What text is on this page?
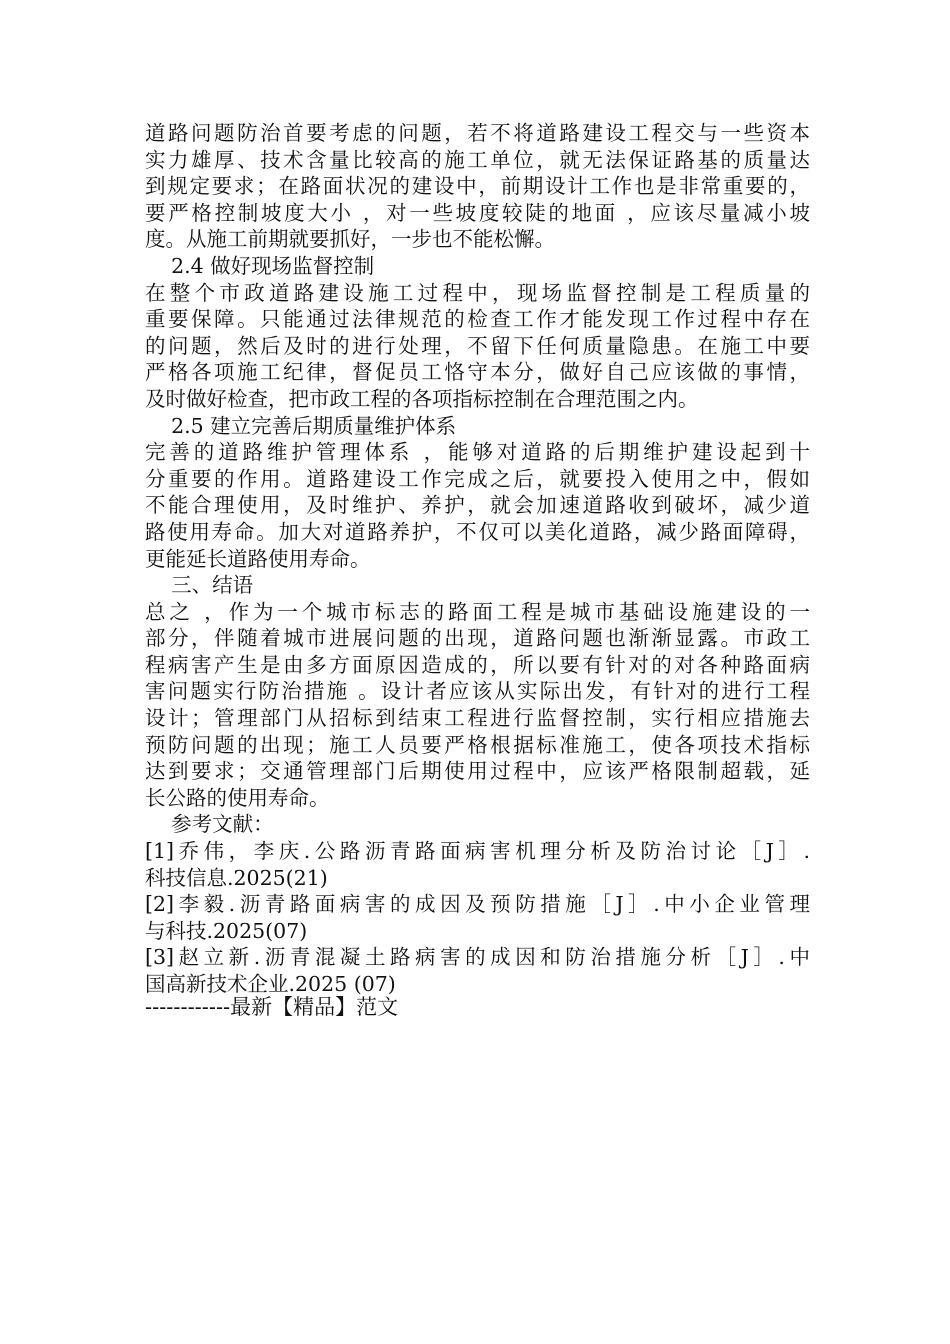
道路问题防治首要考虑的问题，若不将道路建设工程交与一些资本
实力雄厚、技术含量比较高的施工单位，就无法保证路基的质量达
到规定要求；在路面状况的建设中，前期设计工作也是非常重要的，
要严格控制坡度大小 ，对一些坡度较陡的地面 ，应该尽量减小坡
度。从施工前期就要抓好，一步也不能松懈。
2.4 做好现场监督控制
在整个市政道路建设施工过程中，现场监督控制是工程质量的
重要保障。只能通过法律规范的检查工作才能发现工作过程中存在
的问题，然后及时的进行处理，不留下任何质量隐患。在施工中要
严格各项施工纪律，督促员工恪守本分，做好自己应该做的事情，
及时做好检查，把市政工程的各项指标控制在合理范围之内。
2.5 建立完善后期质量维护体系
完善的道路维护管理体系 ，能够对道路的后期维护建设起到十
分重要的作用。道路建设工作完成之后，就要投入使用之中，假如
不能合理使用，及时维护、养护，就会加速道路收到破坏，减少道
路使用寿命。加大对道路养护，不仅可以美化道路，减少路面障碍，
更能延长道路使用寿命。
三、结语
总之 ，作为一个城市标志的路面工程是城市基础设施建设的一
部分，伴随着城市进展问题的出现，道路问题也渐渐显露。市政工
程病害产生是由多方面原因造成的，所以要有针对的对各种路面病
害问题实行防治措施 。设计者应该从实际出发，有针对的进行工程
设计；管理部门从招标到结束工程进行监督控制，实行相应措施去
预防问题的出现；施工人员要严格根据标准施工，使各项技术指标
达到要求；交通管理部门后期使用过程中，应该严格限制超载，延
长公路的使用寿命。
参考文献：
[1]乔伟，李庆.公路沥青路面病害机理分析及防治讨论［J］.
科技信息.2025(21)
[2]李毅.沥青路面病害的成因及预防措施［J］.中小企业管理
与科技.2025(07)
[3]赵立新.沥青混凝土路病害的成因和防治措施分析［J］.中
国高新技术企业.2025 (07)
------------最新【精品】范文
